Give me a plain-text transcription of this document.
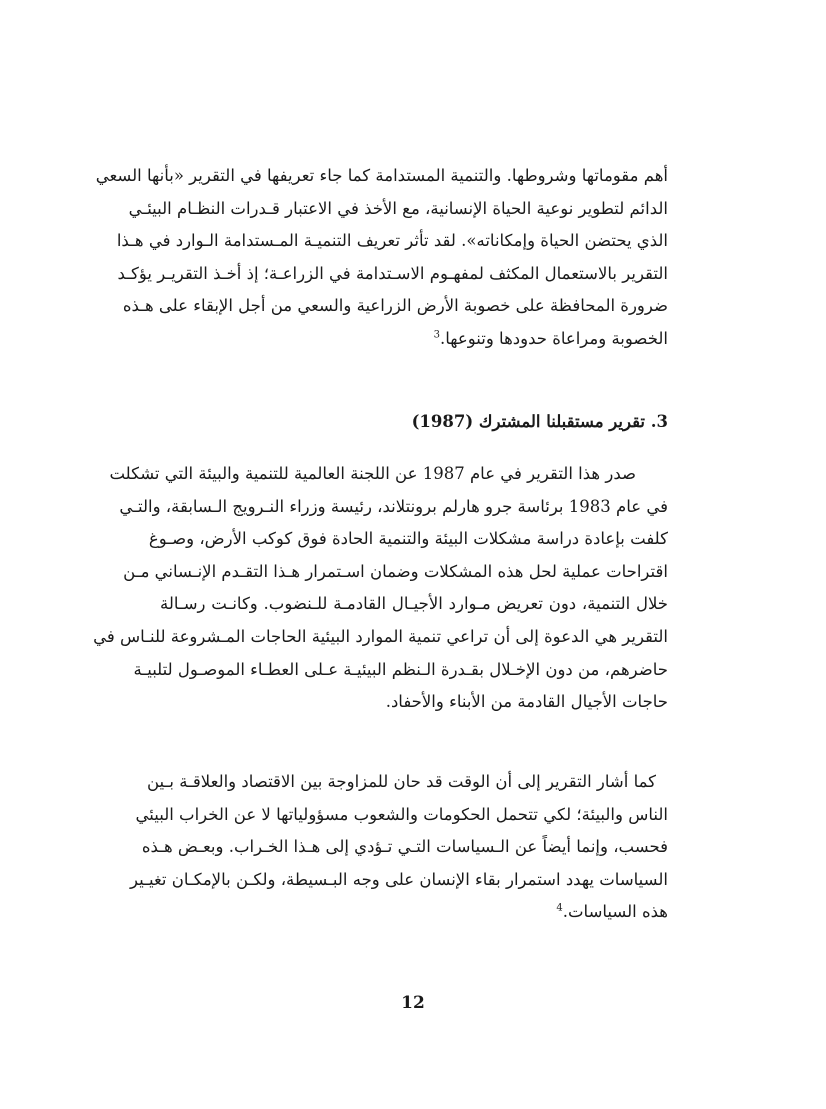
أهم مقوماتها وشروطها. والتنمية المستدامة كما جاء تعريفها في التقرير «بأنها السعي
الدائم لتطوير نوعية الحياة الإنسانية، مع الأخذ في الاعتبار قـدرات النظـام البيئـي
الذي يحتضن الحياة وإمكاناته». لقد تأثر تعريف التنميـة المـستدامة الـوارد في هـذا
التقرير بالاستعمال المكثف لمفهـوم الاسـتدامة في الزراعـة؛ إذ أخـذ التقريـر يؤكـد
ضرورة المحافظة على خصوبة الأرض الزراعية والسعي من أجل الإبقاء على هـذه
الخصوبة ومراعاة حدودها وتنوعها.$^3$
3. تقرير مستقبلنا المشترك (1987)
صدر هذا التقرير في عام 1987 عن اللجنة العالمية للتنمية والبيئة التي تشكلت
في عام 1983 برئاسة جرو هارلم برونتلاند، رئيسة وزراء النـرويج الـسابقة، والتـي
كلفت بإعادة دراسة مشكلات البيئة والتنمية الحادة فوق كوكب الأرض، وصـوغ
اقتراحات عملية لحل هذه المشكلات وضمان اسـتمرار هـذا التقـدم الإنـساني مـن
خلال التنمية، دون تعريض مـوارد الأجيـال القادمـة للـنضوب. وكانـت رسـالة
التقرير هي الدعوة إلى أن تراعي تنمية الموارد البيئية الحاجات المـشروعة للنـاس في
حاضرهم، من دون الإخـلال بقـدرة الـنظم البيئيـة عـلى العطـاء الموصـول لتلبيـة
حاجات الأجيال القادمة من الأبناء والأحفاد.
كما أشار التقرير إلى أن الوقت قد حان للمزاوجة بين الاقتصاد والعلاقـة بـين
الناس والبيئة؛ لكي تتحمل الحكومات والشعوب مسؤولياتها لا عن الخراب البيئي
فحسب، وإنما أيضاً عن الـسياسات التـي تـؤدي إلى هـذا الخـراب. وبعـض هـذه
السياسات يهدد استمرار بقاء الإنسان على وجه البـسيطة، ولكـن بالإمكـان تغيـير
هذه السياسات.$^4$
12
